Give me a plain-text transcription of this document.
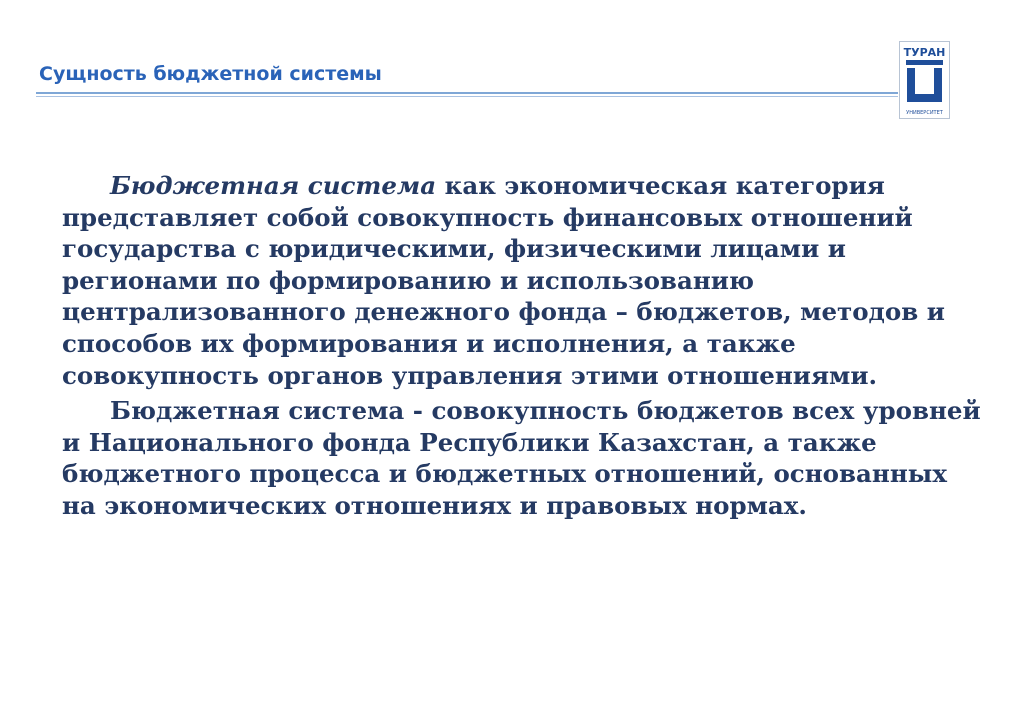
Сущность бюджетной системы
ТУРАН
УНИВЕРСИТЕТ

Бюджетная система как экономическая категория представляет собой совокупность финансовых отношений государства с юридическими, физическими лицами и регионами по формированию и использованию централизованного денежного фонда – бюджетов, методов и способов их формирования и исполнения, а также совокупность органов управления этими отношениями.

Бюджетная система - совокупность бюджетов всех уровней и Национального фонда Республики Казахстан, а также бюджетного процесса и бюджетных отношений, основанных на экономических отношениях и правовых нормах.
